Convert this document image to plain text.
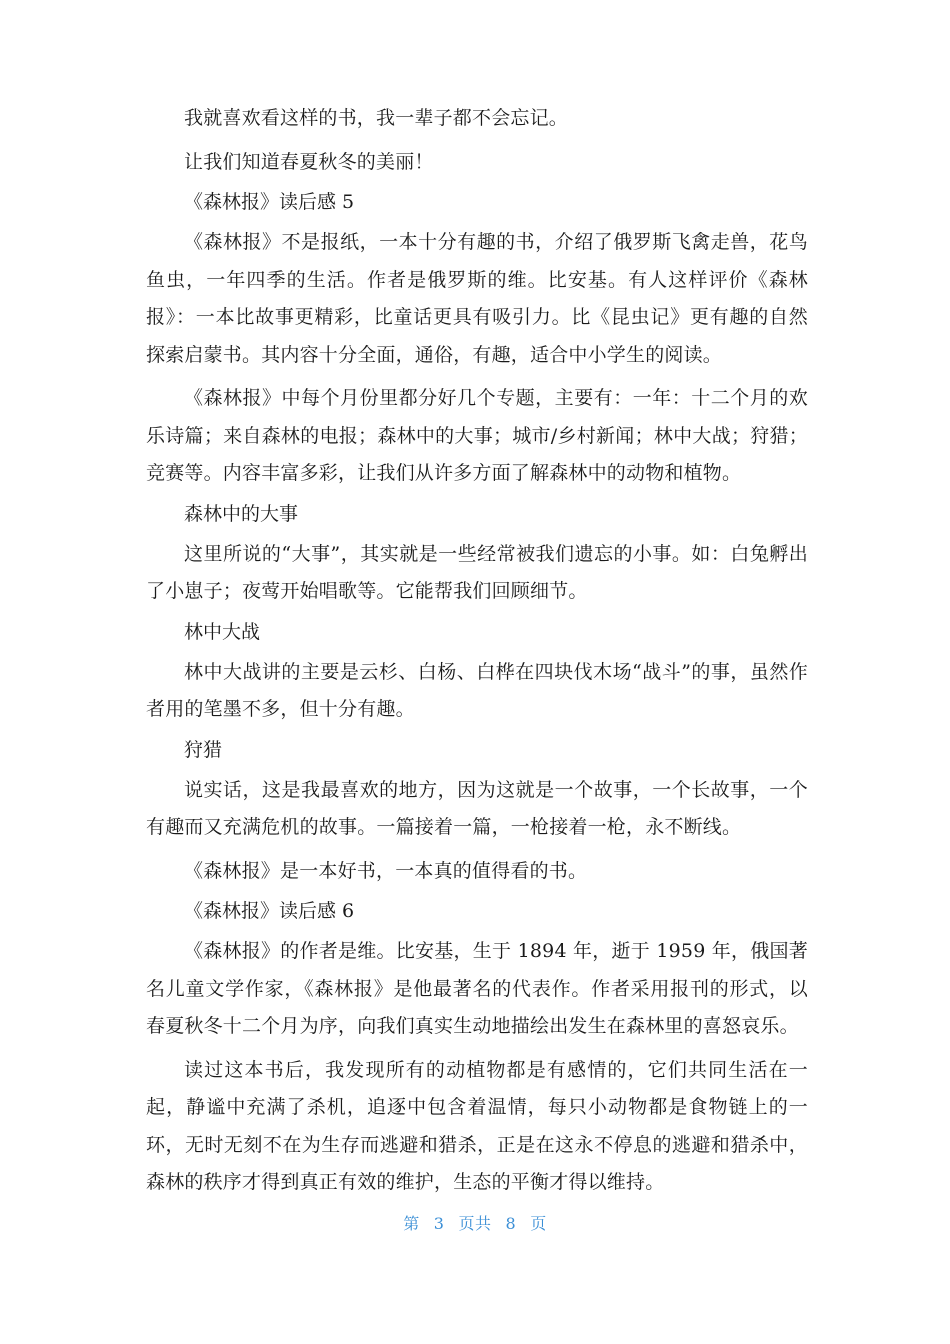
我就喜欢看这样的书，我一辈子都不会忘记。

让我们知道春夏秋冬的美丽！

《森林报》读后感 5

《森林报》不是报纸，一本十分有趣的书，介绍了俄罗斯飞禽走兽，花鸟鱼虫，一年四季的生活。作者是俄罗斯的维。比安基。有人这样评价《森林报》：一本比故事更精彩，比童话更具有吸引力。比《昆虫记》更有趣的自然探索启蒙书。其内容十分全面，通俗，有趣，适合中小学生的阅读。

《森林报》中每个月份里都分好几个专题，主要有：一年：十二个月的欢乐诗篇；来自森林的电报；森林中的大事；城市/乡村新闻；林中大战；狩猎；竞赛等。内容丰富多彩，让我们从许多方面了解森林中的动物和植物。

森林中的大事

这里所说的“大事”，其实就是一些经常被我们遗忘的小事。如：白兔孵出了小崽子；夜莺开始唱歌等。它能帮我们回顾细节。

林中大战

林中大战讲的主要是云杉、白杨、白桦在四块伐木场“战斗”的事，虽然作者用的笔墨不多，但十分有趣。

狩猎

说实话，这是我最喜欢的地方，因为这就是一个故事，一个长故事，一个有趣而又充满危机的故事。一篇接着一篇，一枪接着一枪，永不断线。

《森林报》是一本好书，一本真的值得看的书。

《森林报》读后感 6

《森林报》的作者是维。比安基，生于 1894 年，逝于 1959 年，俄国著名儿童文学作家，《森林报》是他最著名的代表作。作者采用报刊的形式，以春夏秋冬十二个月为序，向我们真实生动地描绘出发生在森林里的喜怒哀乐。

读过这本书后，我发现所有的动植物都是有感情的，它们共同生活在一起，静谧中充满了杀机，追逐中包含着温情，每只小动物都是食物链上的一环，无时无刻不在为生存而逃避和猎杀，正是在这永不停息的逃避和猎杀中，森林的秩序才得到真正有效的维护，生态的平衡才得以维持。

第 3 页共 8 页
